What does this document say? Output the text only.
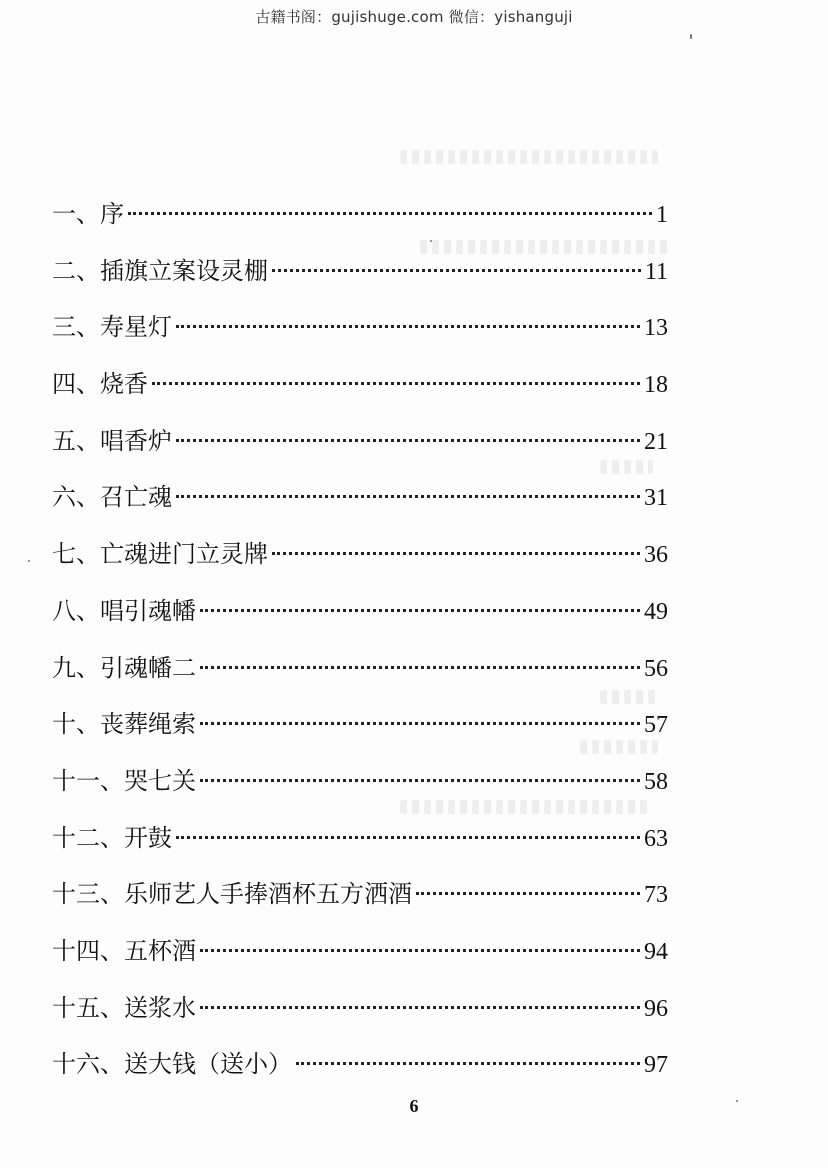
古籍书阁：gujishuge.com 微信：yishanguji
一、序	1
二、插旗立案设灵棚	11
三、寿星灯	13
四、烧香	18
五、唱香炉	21
六、召亡魂	31
七、亡魂进门立灵牌	36
八、唱引魂幡	49
九、引魂幡二	56
十、丧葬绳索	57
十一、哭七关	58
十二、开鼓	63
十三、乐师艺人手捧酒杯五方洒酒	73
十四、五杯酒	94
十五、送浆水	96
十六、送大钱（送小）	97
6
